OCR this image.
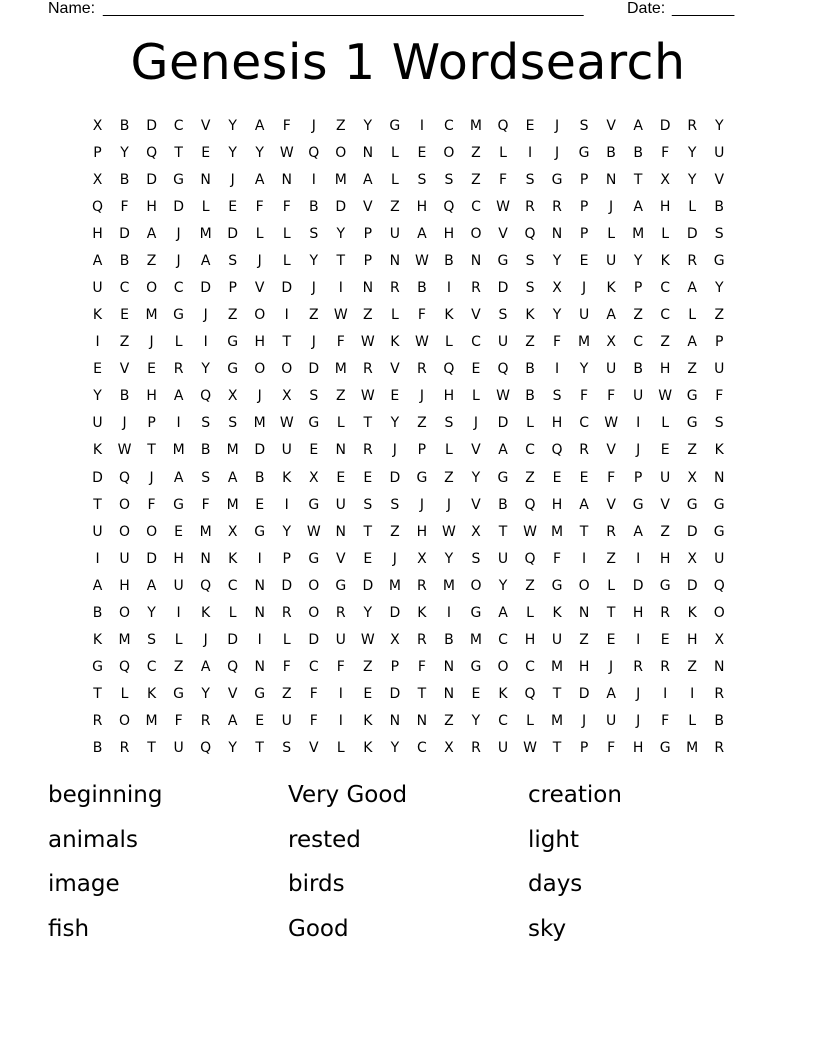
Name: ______________________________________________________	Date: _______
Genesis 1 Wordsearch
X	B	D	C	V	Y	A	F	J	Z	Y	G	I	C	M	Q	E	J	S	V	A	D	R	Y
P	Y	Q	T	E	Y	Y	W	Q	O	N	L	E	O	Z	L	I	J	G	B	B	F	Y	U
X	B	D	G	N	J	A	N	I	M	A	L	S	S	Z	F	S	G	P	N	T	X	Y	V
Q	F	H	D	L	E	F	F	B	D	V	Z	H	Q	C	W	R	R	P	J	A	H	L	B
H	D	A	J	M	D	L	L	S	Y	P	U	A	H	O	V	Q	N	P	L	M	L	D	S
A	B	Z	J	A	S	J	L	Y	T	P	N	W	B	N	G	S	Y	E	U	Y	K	R	G
U	C	O	C	D	P	V	D	J	I	N	R	B	I	R	D	S	X	J	K	P	C	A	Y
K	E	M	G	J	Z	O	I	Z	W	Z	L	F	K	V	S	K	Y	U	A	Z	C	L	Z
I	Z	J	L	I	G	H	T	J	F	W	K	W	L	C	U	Z	F	M	X	C	Z	A	P
E	V	E	R	Y	G	O	O	D	M	R	V	R	Q	E	Q	B	I	Y	U	B	H	Z	U
Y	B	H	A	Q	X	J	X	S	Z	W	E	J	H	L	W	B	S	F	F	U	W	G	F
U	J	P	I	S	S	M	W	G	L	T	Y	Z	S	J	D	L	H	C	W	I	L	G	S
K	W	T	M	B	M	D	U	E	N	R	J	P	L	V	A	C	Q	R	V	J	E	Z	K
D	Q	J	A	S	A	B	K	X	E	E	D	G	Z	Y	G	Z	E	E	F	P	U	X	N
T	O	F	G	F	M	E	I	G	U	S	S	J	J	V	B	Q	H	A	V	G	V	G	G
U	O	O	E	M	X	G	Y	W	N	T	Z	H	W	X	T	W	M	T	R	A	Z	D	G
I	U	D	H	N	K	I	P	G	V	E	J	X	Y	S	U	Q	F	I	Z	I	H	X	U
A	H	A	U	Q	C	N	D	O	G	D	M	R	M	O	Y	Z	G	O	L	D	G	D	Q
B	O	Y	I	K	L	N	R	O	R	Y	D	K	I	G	A	L	K	N	T	H	R	K	O
K	M	S	L	J	D	I	L	D	U	W	X	R	B	M	C	H	U	Z	E	I	E	H	X
G	Q	C	Z	A	Q	N	F	C	F	Z	P	F	N	G	O	C	M	H	J	R	R	Z	N
T	L	K	G	Y	V	G	Z	F	I	E	D	T	N	E	K	Q	T	D	A	J	I	I	R
R	O	M	F	R	A	E	U	F	I	K	N	N	Z	Y	C	L	M	J	U	J	F	L	B
B	R	T	U	Q	Y	T	S	V	L	K	Y	C	X	R	U	W	T	P	F	H	G	M	R
beginning	Very Good	creation
animals	rested	light
image	birds	days
fish	Good	sky
